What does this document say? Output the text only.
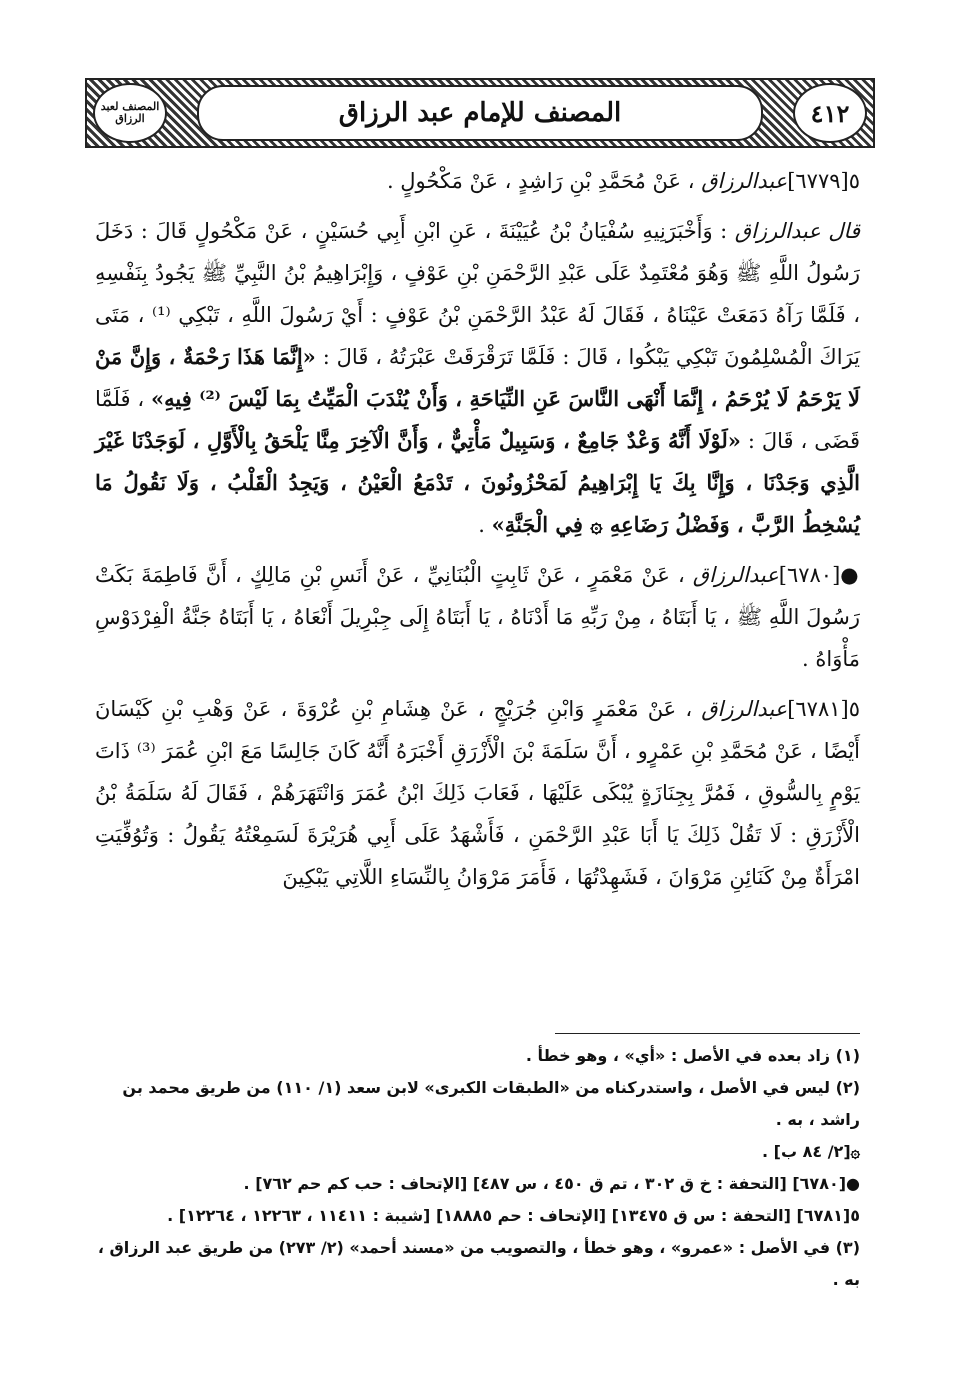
٤١٢
المصنف للإمام عبد الرزاق
المصنف لعبد الرزاق

٥[٦٧٧٩]عبدالرزاق ، عَنْ مُحَمَّدِ بْنِ رَاشِدٍ ، عَنْ مَكْحُولٍ .

قال عبدالرزاق : وَأَخْبَرَنِيهِ سُفْيَانُ بْنُ عُيَيْنَةَ ، عَنِ ابْنِ أَبِي حُسَيْنٍ ، عَنْ مَكْحُولٍ قَالَ : دَخَلَ رَسُولُ اللَّهِ ﷺ وَهُوَ مُعْتَمِدٌ عَلَى عَبْدِ الرَّحْمَنِ بْنِ عَوْفٍ ، وَإِبْرَاهِيمُ بْنُ النَّبِيِّ ﷺ يَجُودُ بِنَفْسِهِ ، فَلَمَّا رَآهُ دَمَعَتْ عَيْنَاهُ ، فَقَالَ لَهُ عَبْدُ الرَّحْمَنِ بْنُ عَوْفٍ : أَيْ رَسُولَ اللَّهِ ، تَبْكِي ⁽¹⁾ ، مَتَى يَرَاكَ الْمُسْلِمُونَ تَبْكِي يَبْكُوا ، قَالَ : فَلَمَّا تَرَقْرَقَتْ عَبْرَتُهُ ، قَالَ : «إِنَّمَا هَذَا رَحْمَةٌ ، وَإِنَّ مَنْ لَا يَرْحَمُ لَا يُرْحَمُ ، إِنَّمَا أَنْهَى النَّاسَ عَنِ النِّيَاحَةِ ، وَأَنْ يُنْدَبَ الْمَيِّتُ بِمَا لَيْسَ ⁽²⁾ فِيهِ» ، فَلَمَّا قَضَى ، قَالَ : «لَوْلَا أَنَّهُ وَعْدٌ جَامِعٌ ، وَسَبِيلٌ مَأْتِيٌّ ، وَأَنَّ الْآخِرَ مِنَّا يَلْحَقُ بِالْأَوَّلِ ، لَوَجَدْنَا غَيْرَ الَّذِي وَجَدْنَا ، وَإِنَّا بِكَ يَا إِبْرَاهِيمُ لَمَحْزُونُونَ ، تَدْمَعُ الْعَيْنُ ، وَيَجِدُ الْقَلْبُ ، وَلَا نَقُولُ مَا يُسْخِطُ الرَّبَّ ، وَفَضْلُ رَضَاعِهِ ۞ فِي الْجَنَّةِ» .

●[٦٧٨٠]عبدالرزاق ، عَنْ مَعْمَرٍ ، عَنْ ثَابِتٍ الْبُنَانِيِّ ، عَنْ أَنَسِ بْنِ مَالِكٍ ، أَنَّ فَاطِمَةَ بَكَتْ رَسُولَ اللَّهِ ﷺ ، يَا أَبَتَاهُ ، مِنْ رَبِّهِ مَا أَدْنَاهُ ، يَا أَبَتَاهُ إِلَى جِبْرِيلَ أَنْعَاهُ ، يَا أَبَتَاهُ جَنَّةُ الْفِرْدَوْسِ مَأْوَاهُ .

٥[٦٧٨١]عبدالرزاق ، عَنْ مَعْمَرٍ وَابْنِ جُرَيْجٍ ، عَنْ هِشَامِ بْنِ عُرْوَةَ ، عَنْ وَهْبِ بْنِ كَيْسَانَ أَيْضًا ، عَنْ مُحَمَّدِ بْنِ عَمْرٍو ، أَنَّ سَلَمَةَ بْنَ الْأَزْرَقِ أَخْبَرَهُ أَنَّهُ كَانَ جَالِسًا مَعَ ابْنِ عُمَرَ ⁽³⁾ ذَاتَ يَوْمٍ بِالسُّوقِ ، فَمُرَّ بِجِنَازَةٍ يُبْكَى عَلَيْهَا ، فَعَابَ ذَلِكَ ابْنُ عُمَرَ وَانْتَهَرَهُمْ ، فَقَالَ لَهُ سَلَمَةُ بْنُ الْأَزْرَقِ : لَا تَقُلْ ذَلِكَ يَا أَبَا عَبْدِ الرَّحْمَنِ ، فَأَشْهَدُ عَلَى أَبِي هُرَيْرَةَ لَسَمِعْتُهُ يَقُولُ : وَتُوُفِّيَتِ امْرَأَةٌ مِنْ كَنَائِنِ مَرْوَانَ ، فَشَهِدْتُهَا ، فَأَمَرَ مَرْوَانُ بِالنِّسَاءِ اللَّاتِي يَبْكِينَ

(١) زاد بعده في الأصل : «أي» ، وهو خطأ .
(٢) ليس في الأصل ، واستدركناه من «الطبقات الكبرى» لابن سعد (١/ ١١٠) من طريق محمد بن راشد ، به .
۞[٢/ ٨٤ ب] .
●[٦٧٨٠] [التحفة : خ ق ٣٠٢ ، تم ق ٤٥٠ ، س ٤٨٧] [الإتحاف : حب كم حم ٧٦٢] .
٥[٦٧٨١] [التحفة : س ق ١٣٤٧٥] [الإتحاف : حم ١٨٨٨٥] [شيبة : ١١٤١١ ، ١٢٢٦٣ ، ١٢٢٦٤] .
(٣) في الأصل : «عمرو» ، وهو خطأ ، والتصويب من «مسند أحمد» (٢/ ٢٧٣) من طريق عبد الرزاق ، به .
